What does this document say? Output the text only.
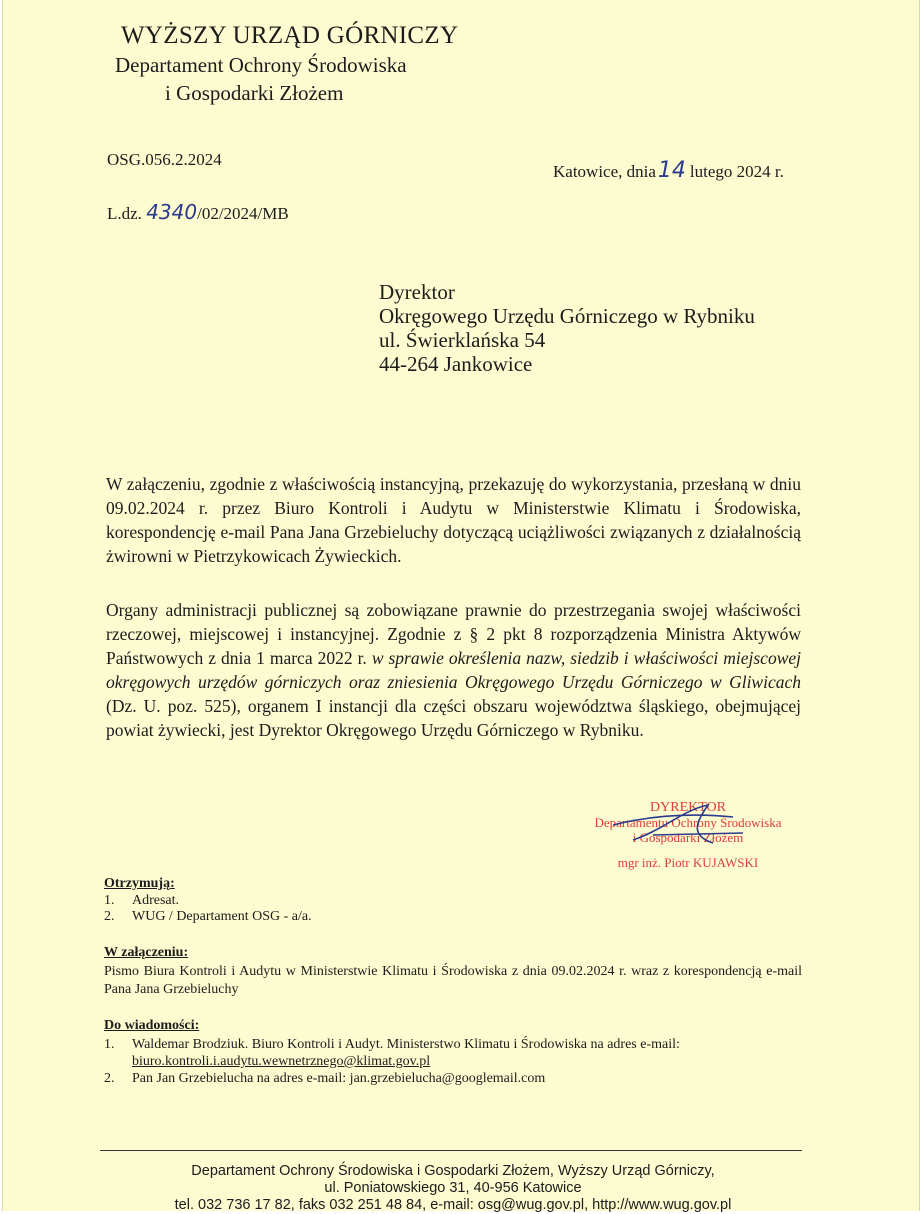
WYŻSZY URZĄD GÓRNICZY
Departament Ochrony Środowiska
i Gospodarki Złożem
OSG.056.2.2024
Katowice, dnia14 lutego 2024 r.
L.dz. 4340/02/2024/MB
Dyrektor
Okręgowego Urzędu Górniczego w Rybniku
ul. Świerklańska 54
44-264 Jankowice
W załączeniu, zgodnie z właściwością instancyjną, przekazuję do wykorzystania, przesłaną w dniu 09.02.2024 r. przez Biuro Kontroli i Audytu w Ministerstwie Klimatu i Środowiska, korespondencję e-mail Pana Jana Grzebieluchy dotyczącą uciążliwości związanych z działalnością żwirowni w Pietrzykowicach Żywieckich.
Organy administracji publicznej są zobowiązane prawnie do przestrzegania swojej właściwości rzeczowej, miejscowej i instancyjnej. Zgodnie z § 2 pkt 8 rozporządzenia Ministra Aktywów Państwowych z dnia 1 marca 2022 r. w sprawie określenia nazw, siedzib i właściwości miejscowej okręgowych urzędów górniczych oraz zniesienia Okręgowego Urzędu Górniczego w Gliwicach (Dz. U. poz. 525), organem I instancji dla części obszaru województwa śląskiego, obejmującej powiat żywiecki, jest Dyrektor Okręgowego Urzędu Górniczego w Rybniku.
DYREKTOR
Departamentu Ochrony Środowiska
i Gospodarki Złożem
mgr inż. Piotr KUJAWSKI
Otrzymują:
1. Adresat.
2. WUG / Departament OSG - a/a.
W załączeniu:
Pismo Biura Kontroli i Audytu w Ministerstwie Klimatu i Środowiska z dnia 09.02.2024 r. wraz z korespondencją e-mail Pana Jana Grzebieluchy
Do wiadomości:
1. Waldemar Brodziuk. Biuro Kontroli i Audyt. Ministerstwo Klimatu i Środowiska na adres e-mail:
biuro.kontroli.i.audytu.wewnetrznego@klimat.gov.pl
2. Pan Jan Grzebielucha na adres e-mail: jan.grzebielucha@googlemail.com
Departament Ochrony Środowiska i Gospodarki Złożem, Wyższy Urząd Górniczy,
ul. Poniatowskiego 31, 40-956 Katowice
tel. 032 736 17 82, faks 032 251 48 84, e-mail: osg@wug.gov.pl, http://www.wug.gov.pl
